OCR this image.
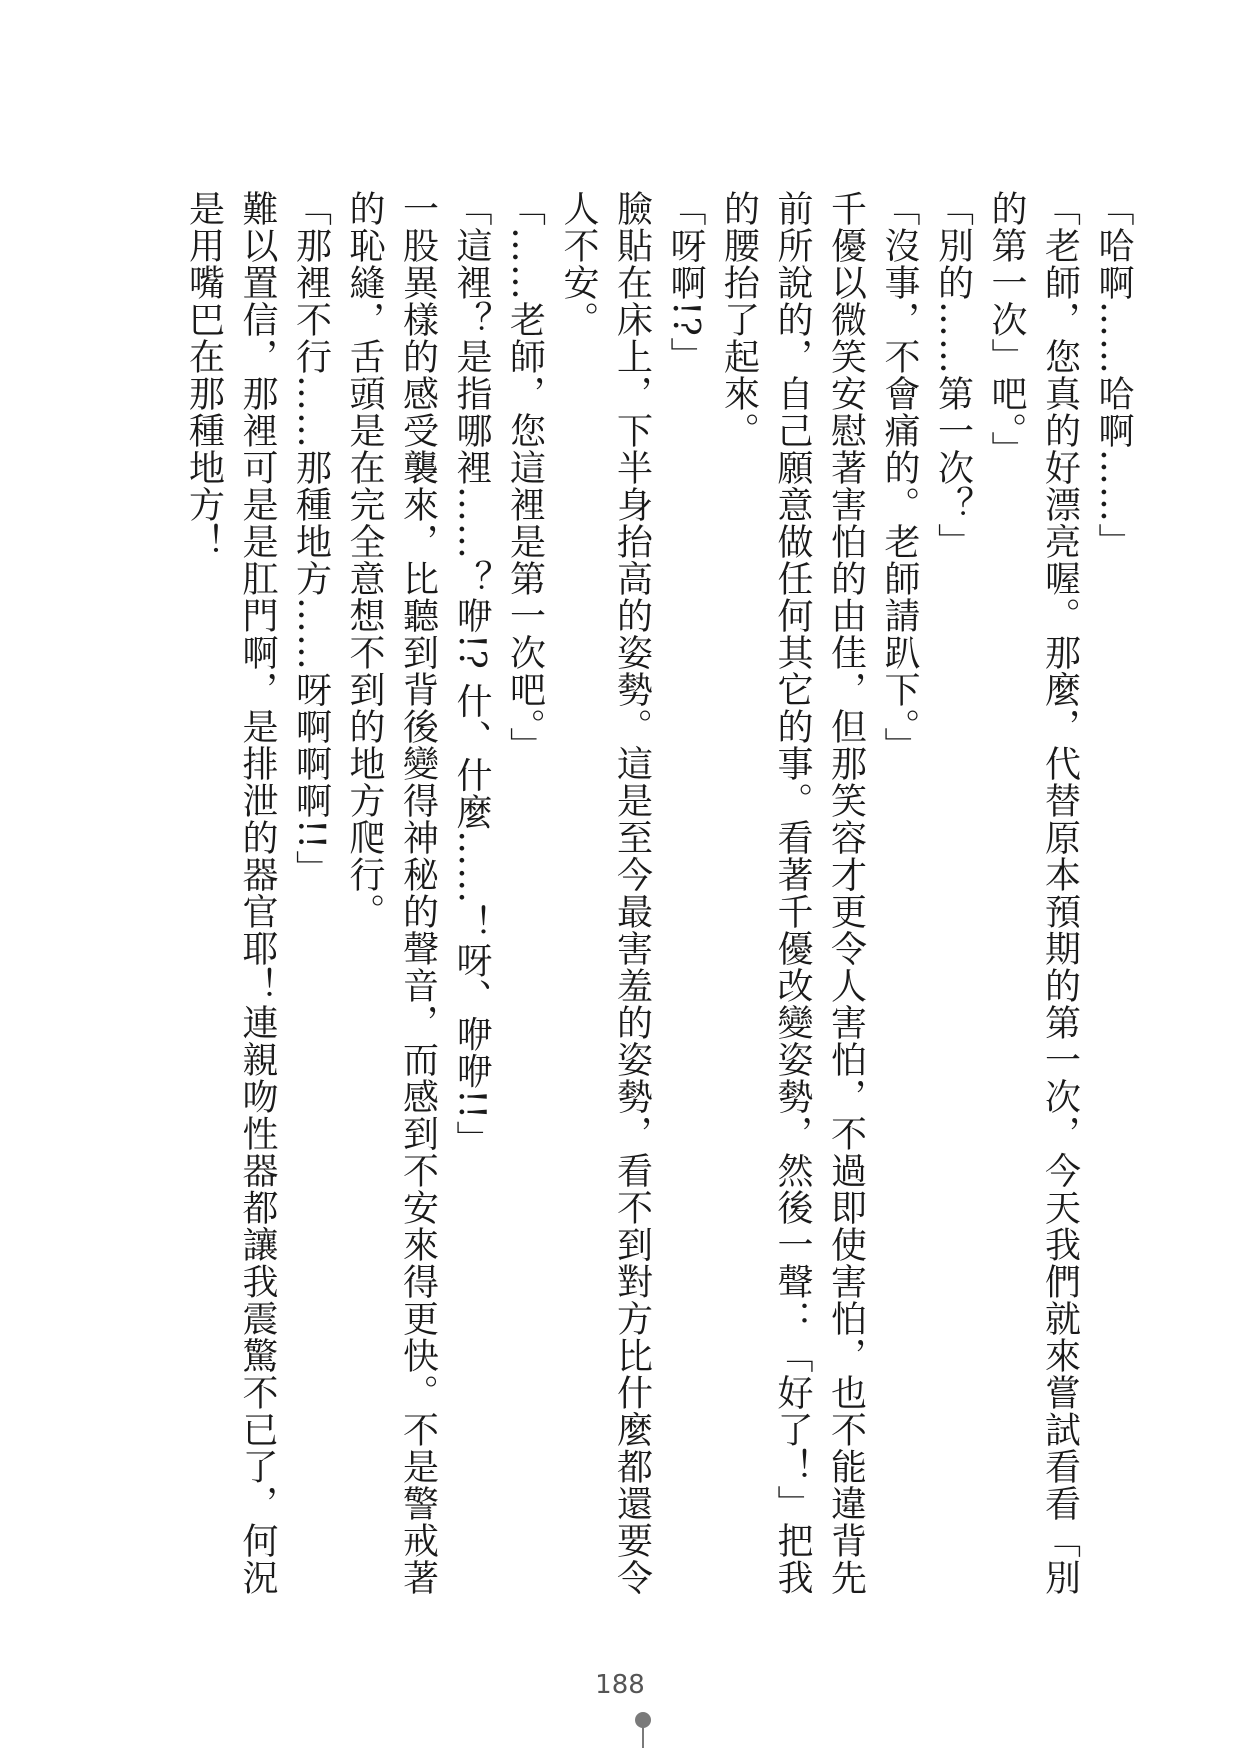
「哈啊……哈啊……」

「老師，您真的好漂亮喔。那麼，代替原本預期的第一次，今天我們就來嘗試看看「別的第一次」吧。」

「別的……第一次？」

「沒事，不會痛的。老師請趴下。」

千優以微笑安慰著害怕的由佳，但那笑容才更令人害怕，不過即使害怕，也不能違背先前所說的，自己願意做任何其它的事。看著千優改變姿勢，然後一聲：「好了！」把我的腰抬了起來。

「呀啊!?」

臉貼在床上，下半身抬高的姿勢。這是至今最害羞的姿勢，看不到對方比什麼都還要令人不安。

「……老師，您這裡是第一次吧。」

「這裡？是指哪裡……？咿!? 什、什麼……！呀、咿咿!!」

一股異樣的感受襲來，比聽到背後變得神秘的聲音，而感到不安來得更快。不是警戒著的恥縫，舌頭是在完全意想不到的地方爬行。

「那裡不行……那種地方……呀啊啊啊!!」

難以置信，那裡可是是肛門啊，是排泄的器官耶！連親吻性器都讓我震驚不已了，何況是用嘴巴在那種地方！

188
